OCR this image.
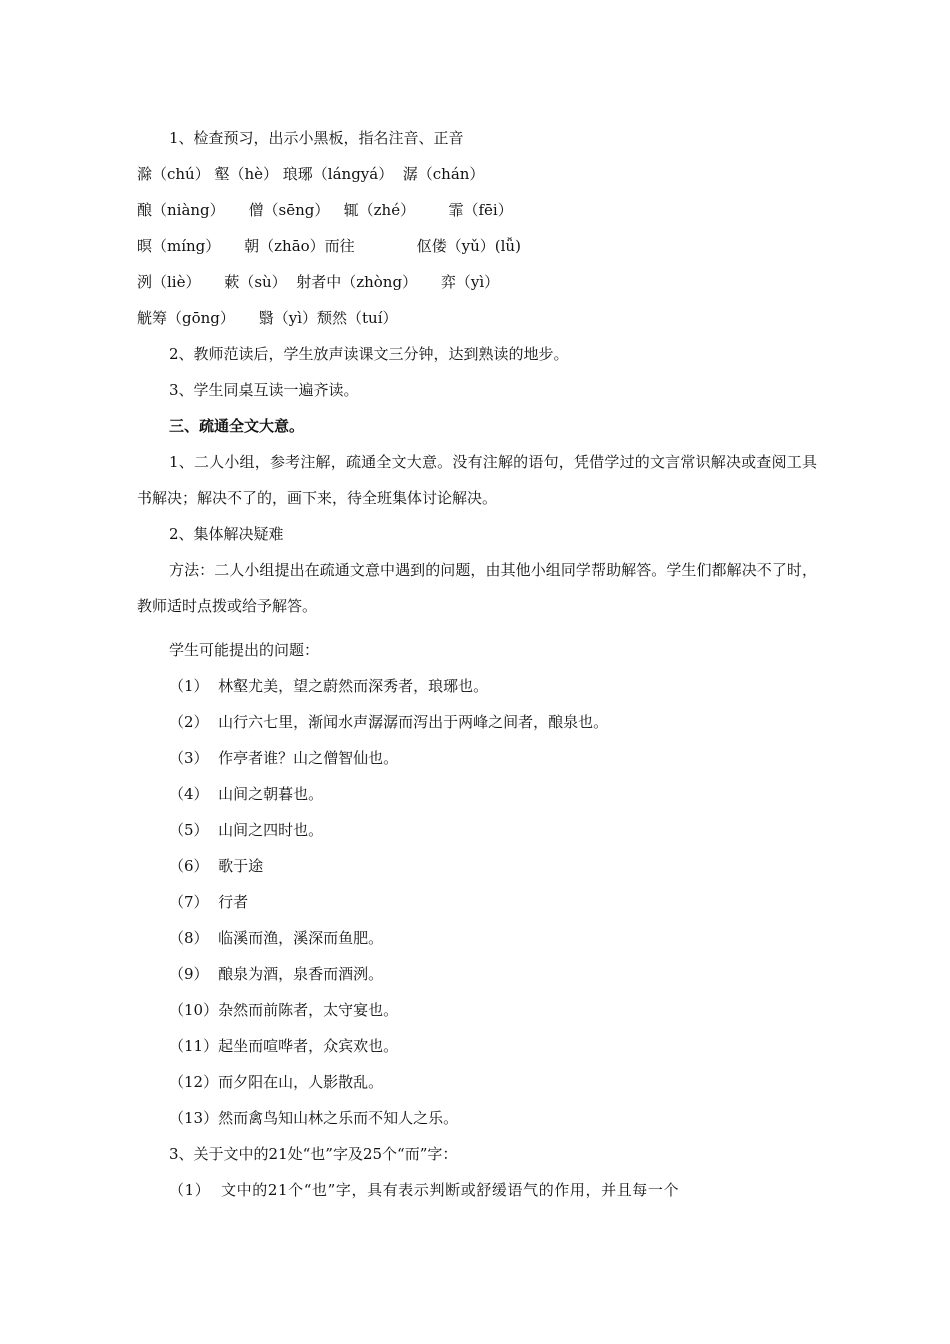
1、检查预习，出示小黑板，指名注音、正音
滁（chú） 壑（hè） 琅琊（lángyá）  潺（chán）
酿（niàng）     僧（sēng）   辄（zhé）       霏（fēi）
暝（míng）     朝（zhāo）而往             伛偻（yǔ）(lǚ)
洌（liè）     蔌（sù）  射者中（zhòng）     弈（yì）
觥筹（gōng）     翳（yì）颓然（tuí）
2、教师范读后，学生放声读课文三分钟，达到熟读的地步。
3、学生同桌互读一遍齐读。
三、疏通全文大意。
1、二人小组，参考注解，疏通全文大意。没有注解的语句，凭借学过的文言常识解决或查阅工具书解决；解决不了的，画下来，待全班集体讨论解决。
2、集体解决疑难
方法：二人小组提出在疏通文意中遇到的问题，由其他小组同学帮助解答。学生们都解决不了时，教师适时点拨或给予解答。
学生可能提出的问题：
（1）  林壑尤美，望之蔚然而深秀者，琅琊也。
（2）  山行六七里，渐闻水声潺潺而泻出于两峰之间者，酿泉也。
（3）  作亭者谁？山之僧智仙也。
（4）  山间之朝暮也。
（5）  山间之四时也。
（6）  歌于途
（7）  行者
（8）  临溪而渔，溪深而鱼肥。
（9）  酿泉为酒，泉香而酒洌。
（10）杂然而前陈者，太守宴也。
（11）起坐而喧哗者，众宾欢也。
（12）而夕阳在山，人影散乱。
（13）然而禽鸟知山林之乐而不知人之乐。
3、关于文中的21处“也”字及25个“而”字：
（1）  文中的21个“也”字，具有表示判断或舒缓语气的作用，并且每一个
